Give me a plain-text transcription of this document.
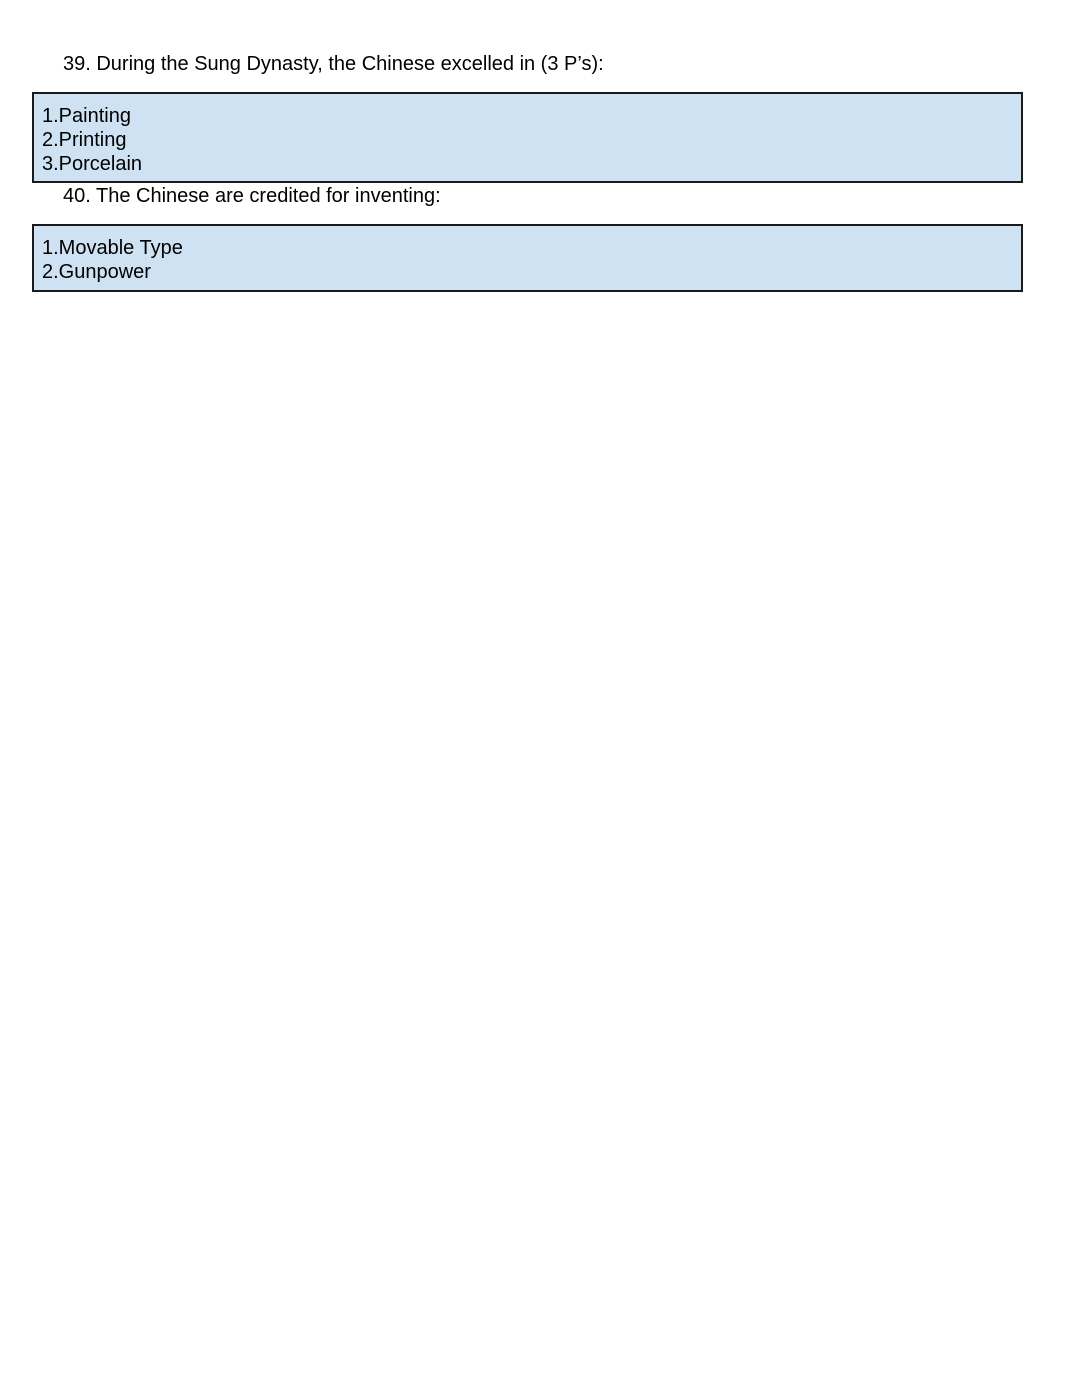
39. During the Sung Dynasty, the Chinese excelled in (3 P’s):
1.Painting
2.Printing
3.Porcelain
40. The Chinese are credited for inventing:
1.Movable Type
2.Gunpower
